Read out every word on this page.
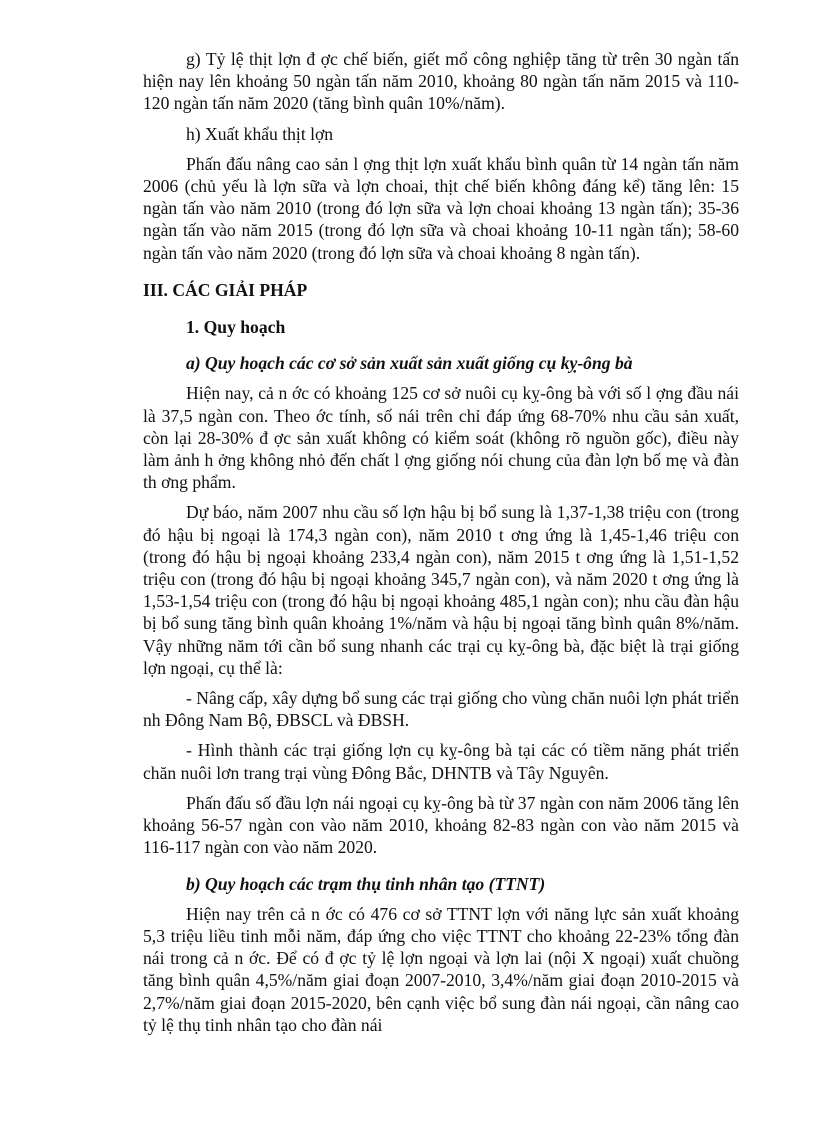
g) Tỷ lệ thịt lợn đ ợc chế biến, giết mổ công nghiệp tăng từ trên 30 ngàn tấn hiện nay lên khoảng 50 ngàn tấn năm 2010, khoảng 80 ngàn tấn năm 2015 và 110-120 ngàn tấn năm 2020 (tăng bình quân 10%/năm).

h) Xuất khẩu thịt lợn

Phấn đấu nâng cao sản l ợng thịt lợn xuất khẩu bình quân từ 14 ngàn tấn năm 2006 (chủ yếu là lợn sữa và lợn choai, thịt chế biến không đáng kể) tăng lên: 15 ngàn tấn vào năm 2010 (trong đó lợn sữa và lợn choai khoảng 13 ngàn tấn); 35-36 ngàn tấn vào năm 2015 (trong đó lợn sữa và choai khoảng 10-11 ngàn tấn); 58-60 ngàn tấn vào năm 2020 (trong đó lợn sữa và choai khoảng 8 ngàn tấn).

III. CÁC GIẢI PHÁP
1. Quy hoạch
a) Quy hoạch các cơ sở sản xuất sản xuất giống cụ kỵ-ông bà

Hiện nay, cả n ớc có khoảng 125 cơ sở nuôi cụ kỵ-ông bà với số l ợng đầu nái là 37,5 ngàn con. Theo ớc tính, số nái trên chỉ đáp ứng 68-70% nhu cầu sản xuất, còn lại 28-30% đ ợc sản xuất không có kiểm soát (không rõ nguồn gốc), điều này làm ảnh h ởng không nhỏ đến chất l ợng giống nói chung của đàn lợn bố mẹ và đàn th ơng phẩm.

Dự báo, năm 2007 nhu cầu số lợn hậu bị bổ sung là 1,37-1,38 triệu con (trong đó hậu bị ngoại là 174,3 ngàn con), năm 2010 t ơng ứng là 1,45-1,46 triệu con (trong đó hậu bị ngoại khoảng 233,4 ngàn con), năm 2015 t ơng ứng là 1,51-1,52 triệu con (trong đó hậu bị ngoại khoảng 345,7 ngàn con), và năm 2020 t ơng ứng là 1,53-1,54 triệu con (trong đó hậu bị ngoại khoảng 485,1 ngàn con); nhu cầu đàn hậu bị bổ sung tăng bình quân khoảng 1%/năm và hậu bị ngoại tăng bình quân 8%/năm. Vậy những năm tới cần bổ sung nhanh các trại cụ kỵ-ông bà, đặc biệt là trại giống lợn ngoại, cụ thể là:

- Nâng cấp, xây dựng bổ sung các trại giống cho vùng chăn nuôi lợn phát triển nh Đông Nam Bộ, ĐBSCL và ĐBSH.

- Hình thành các trại giống lợn cụ kỵ-ông bà tại các có tiềm năng phát triển chăn nuôi lơn trang trại vùng Đông Bắc, DHNTB và Tây Nguyên.

Phấn đấu số đầu lợn nái ngoại cụ kỵ-ông bà từ 37 ngàn con năm 2006 tăng lên khoảng 56-57 ngàn con vào năm 2010, khoảng 82-83 ngàn con vào năm 2015 và 116-117 ngàn con vào năm 2020.

b) Quy hoạch các trạm thụ tinh nhân tạo (TTNT)

Hiện nay trên cả n ớc có 476 cơ sở TTNT lợn với năng lực sản xuất khoảng 5,3 triệu liều tinh mỗi năm, đáp ứng cho việc TTNT cho khoảng 22-23% tổng đàn nái trong cả n ớc. Để có đ ợc tỷ lệ lợn ngoại và lợn lai (nội X ngoại) xuất chuồng tăng bình quân 4,5%/năm giai đoạn 2007-2010, 3,4%/năm giai đoạn 2010-2015 và 2,7%/năm giai đoạn 2015-2020, bên cạnh việc bổ sung đàn nái ngoại, cần nâng cao tỷ lệ thụ tinh nhân tạo cho đàn nái
